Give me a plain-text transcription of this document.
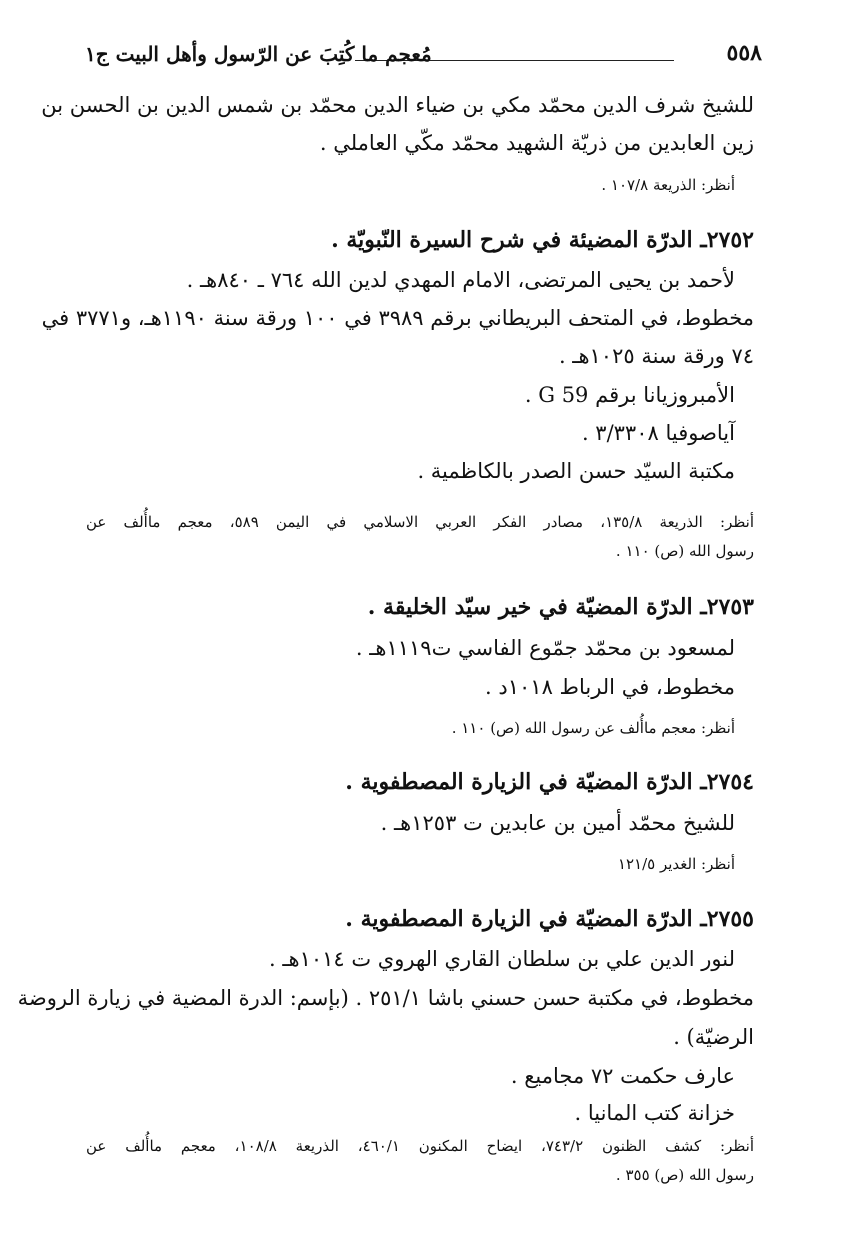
٥٥٨
مُعجم ما كُتِبَ عن الرّسول وأهل البيت ج١
للشيخ شرف الدين محمّد مكي بن ضياء الدين محمّد بن شمس الدين بن الحسن بن
زين العابدين من ذريّة الشهيد محمّد مكّي العاملي .
أنظر: الذريعة ١٠٧/٨ .
٢٧٥٢ـ الدرّة المضيئة في شرح السيرة النّبويّة .
لأحمد بن يحيى المرتضى، الامام المهدي لدين الله ٧٦٤ ـ ٨٤٠هـ .
مخطوط، في المتحف البريطاني برقم ٣٩٨٩ في ١٠٠ ورقة سنة ١١٩٠هـ، و٣٧٧١ في
٧٤ ورقة سنة ١٠٢٥هـ .
الأمبروزيانا برقم G 59 .
آياصوفيا ٣/٣٣٠٨ .
مكتبة السيّد حسن الصدر بالكاظمية .
أنظر: الذريعة ١٣٥/٨، مصادر الفكر العربي الاسلامي في اليمن ٥٨٩، معجم ماأُلف عن
رسول الله (ص) ١١٠ .
٢٧٥٣ـ الدرّة المضيّة في خير سيّد الخليقة .
لمسعود بن محمّد جمّوع الفاسي ت١١١٩هـ .
مخطوط، في الرباط ١٠١٨د .
أنظر: معجم ماأُلف عن رسول الله (ص) ١١٠ .
٢٧٥٤ـ الدرّة المضيّة في الزيارة المصطفوية .
للشيخ محمّد أمين بن عابدين ت ١٢٥٣هـ .
أنظر: الغدير ١٢١/٥
٢٧٥٥ـ الدرّة المضيّة في الزيارة المصطفوية .
لنور الدين علي بن سلطان القاري الهروي ت ١٠١٤هـ .
مخطوط، في مكتبة حسن حسني باشا ٢٥١/١ . (بإسم: الدرة المضية في زيارة الروضة
الرضيّة) .
عارف حكمت ٧٢ مجاميع .
خزانة كتب المانيا .
أنظر: كشف الظنون ٧٤٣/٢، ايضاح المكنون ٤٦٠/١، الذريعة ١٠٨/٨، معجم ماأُلف عن
رسول الله (ص) ٣٥٥ .
